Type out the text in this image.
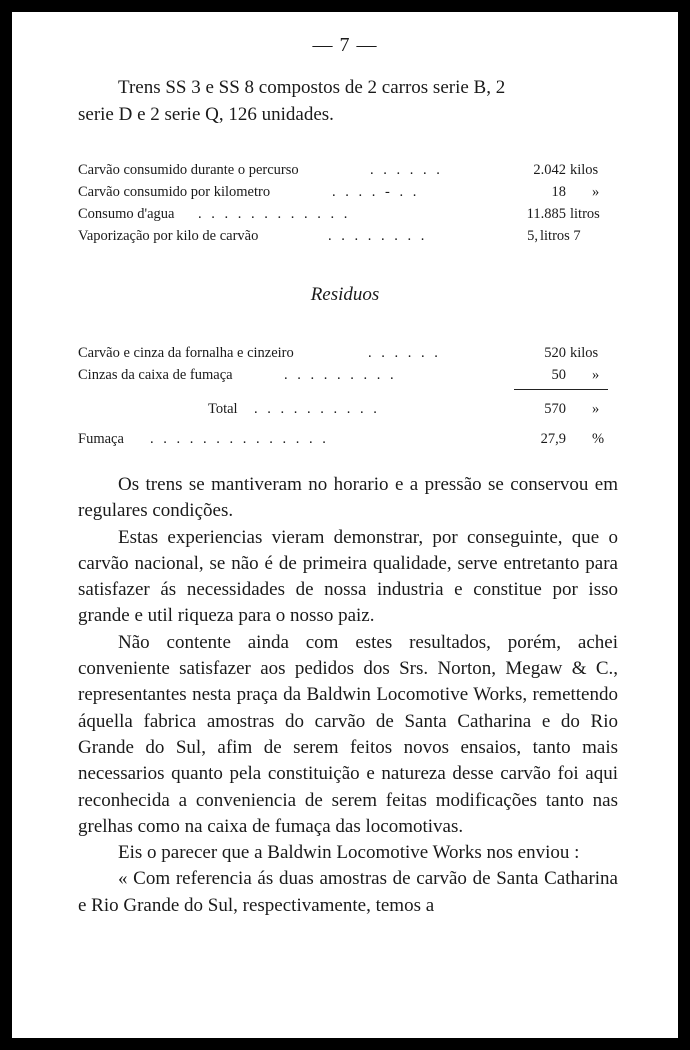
— 7 —
Trens SS 3 e SS 8 compostos de 2 carros serie B, 2
serie D e 2 serie Q, 126 unidades.
Carvão consumido durante o percurso	. . . . . .	2.042 kilos
Carvão consumido por kilometro	. . . . - . .	18 »
Consumo d'agua . . . . . . . . . . . .	11.885 litros
Vaporização por kilo de carvão	. . . . . . . .	5, litros 7
Residuos
Carvão e cinza da fornalha e cinzeiro	. . . . . .	520 kilos
Cinzas da caixa de fumaça	. . . . . . . . .	50 »
Total . . . . . . . . . .	570 »
Fumaça . . . . . . . . . . . . . .	27,9 %

Os trens se mantiveram no horario e a pressão se conservou em regulares condições.

Estas experiencias vieram demonstrar, por conseguinte, que o carvão nacional, se não é de primeira qualidade, serve entretanto para satisfazer ás necessidades de nossa industria e constitue por isso grande e util riqueza para o nosso paiz.

Não contente ainda com estes resultados, porém, achei conveniente satisfazer aos pedidos dos Srs. Norton, Megaw & C., representantes nesta praça da Baldwin Locomotive Works, remettendo áquella fabrica amostras do carvão de Santa Catharina e do Rio Grande do Sul, afim de serem feitos novos ensaios, tanto mais necessarios quanto pela constituição e natureza desse carvão foi aqui reconhecida a conveniencia de serem feitas modificações tanto nas grelhas como na caixa de fumaça das locomotivas.

Eis o parecer que a Baldwin Locomotive Works nos enviou :

« Com referencia ás duas amostras de carvão de Santa Catharina e Rio Grande do Sul, respectivamente, temos a
